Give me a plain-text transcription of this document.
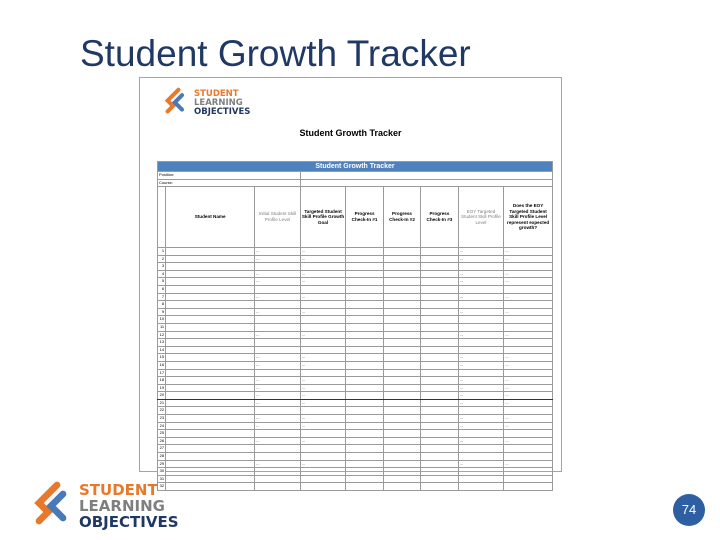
Student Growth Tracker
STUDENT
LEARNING
OBJECTIVES
Student Growth Tracker
Student Growth Tracker								
Position:								
Course:								
	Student Name	Initial Student Skill Profile Level	Targeted Student Skill Profile Growth Goal	Progress Check-In #1	Progress Check-In #2	Progress Check-In #3	EOY Targeted Student Skill Profile Level	Does the EOY Targeted Student Skill Profile Level represent expected growth?
1		...	...				...	...
2		...	...				...	...
3								
4		...	...				...	...
5		...	...				...	...
6								
7		...	...				...	...
8								
9		...	...				...	...
10								
11								
12		...	...				...	...
13								
14								
15		...	...				...	...
16		...	...				...	...
17								
18		...	...				...	...
19		...	...				...	...
20		...	...				...	...
21		...	...				...	...
22								
23		...	...				...	...
24		...	...				...	...
25								
26		...	...				...	...
27								
28								
29		...	...				...	...
30								
31								
32								
STUDENT
LEARNING
OBJECTIVES
74
